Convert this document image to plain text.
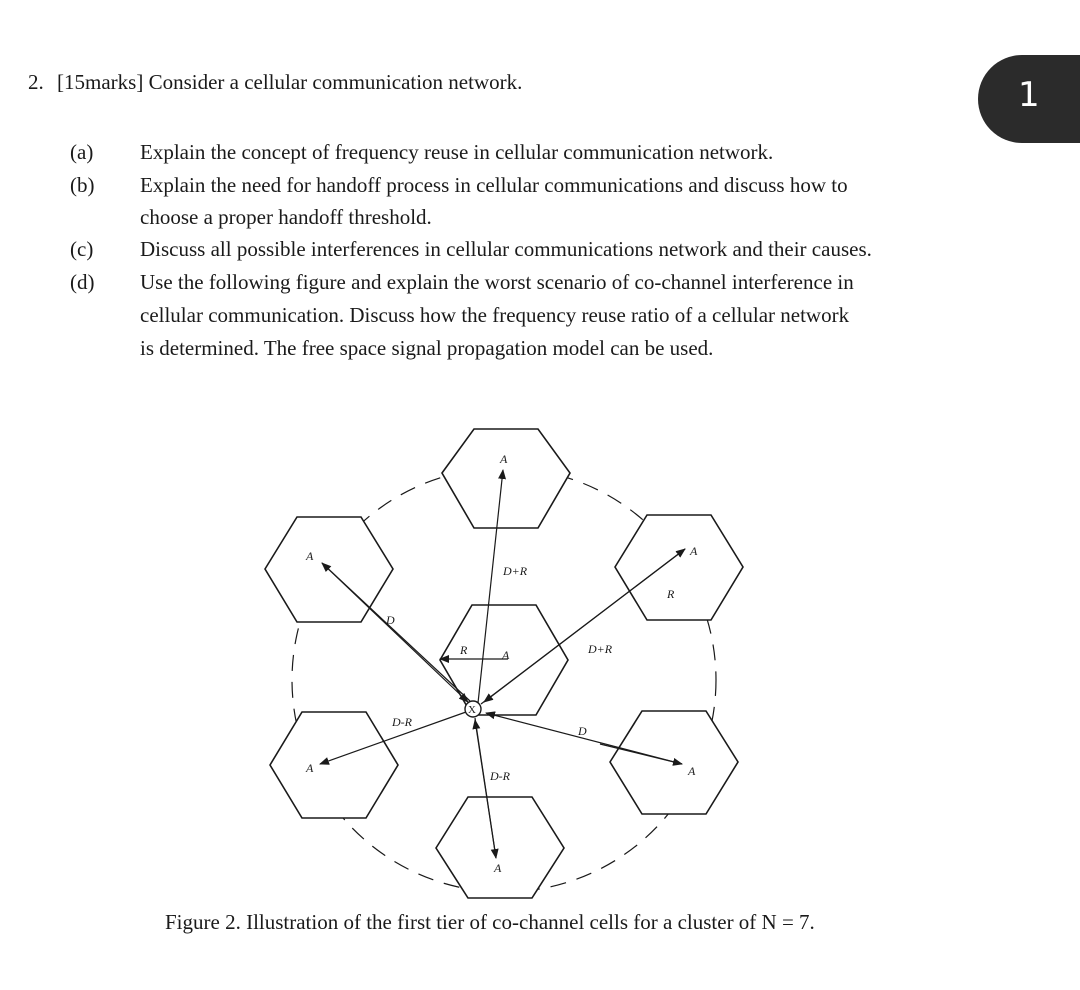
2. [15marks] Consider a cellular communication network.	1
(a) Explain the concept of frequency reuse in cellular communication network.
(b) Explain the need for handoff process in cellular communications and discuss how to
choose a proper handoff threshold.
(c) Discuss all possible interferences in cellular communications network and their causes.
(d) Use the following figure and explain the worst scenario of co-channel interference in
cellular communication. Discuss how the frequency reuse ratio of a cellular network
is determined. The free space signal propagation model can be used.
X
R	A
A
A	A
A	A
A
D+R
D+R
D
D-R
D
D-R
R
Figure 2. Illustration of the first tier of co-channel cells for a cluster of N = 7.
